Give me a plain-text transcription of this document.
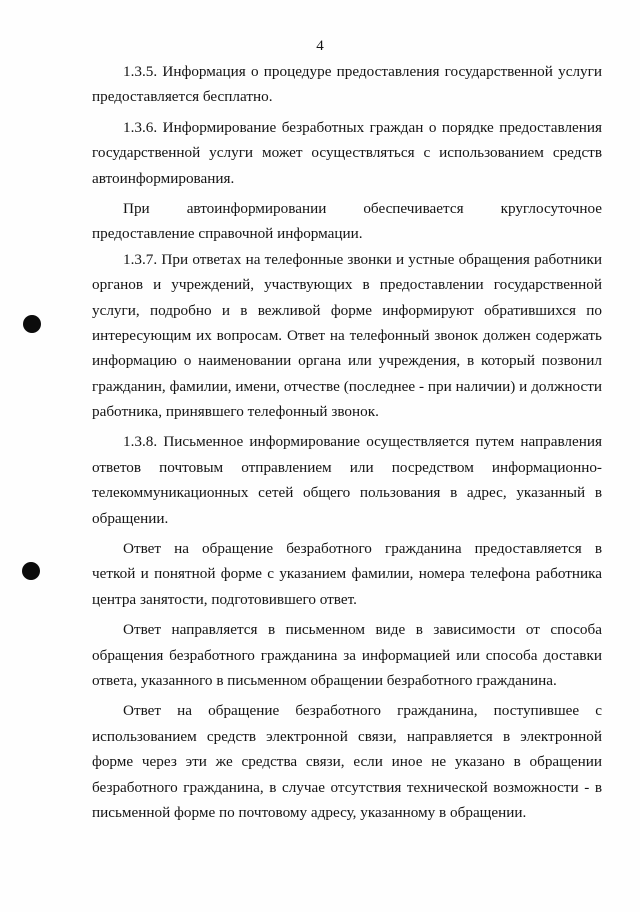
4
1.3.5. Информация о процедуре предоставления государственной услуги
предоставляется бесплатно.
1.3.6. Информирование безработных граждан о порядке предоставления
государственной услуги может осуществляться с использованием средств
автоинформирования.
При автоинформировании обеспечивается круглосуточное
предоставление справочной информации.
1.3.7. При ответах на телефонные звонки и устные обращения работники
органов и учреждений, участвующих в предоставлении государственной
услуги, подробно и в вежливой форме информируют обратившихся по
интересующим их вопросам. Ответ на телефонный звонок должен содержать
информацию о наименовании органа или учреждения, в который позвонил
гражданин, фамилии, имени, отчестве (последнее - при наличии) и должности
работника, принявшего телефонный звонок.
1.3.8. Письменное информирование осуществляется путем направления
ответов почтовым отправлением или посредством информационно-
телекоммуникационных сетей общего пользования в адрес, указанный в
обращении.
Ответ на обращение безработного гражданина предоставляется в
четкой и понятной форме с указанием фамилии, номера телефона работника
центра занятости, подготовившего ответ.
Ответ направляется в письменном виде в зависимости от способа
обращения безработного гражданина за информацией или способа доставки
ответа, указанного в письменном обращении безработного гражданина.
Ответ на обращение безработного гражданина, поступившее с
использованием средств электронной связи, направляется в электронной
форме через эти же средства связи, если иное не указано в обращении
безработного гражданина, в случае отсутствия технической возможности - в
письменной форме по почтовому адресу, указанному в обращении.
